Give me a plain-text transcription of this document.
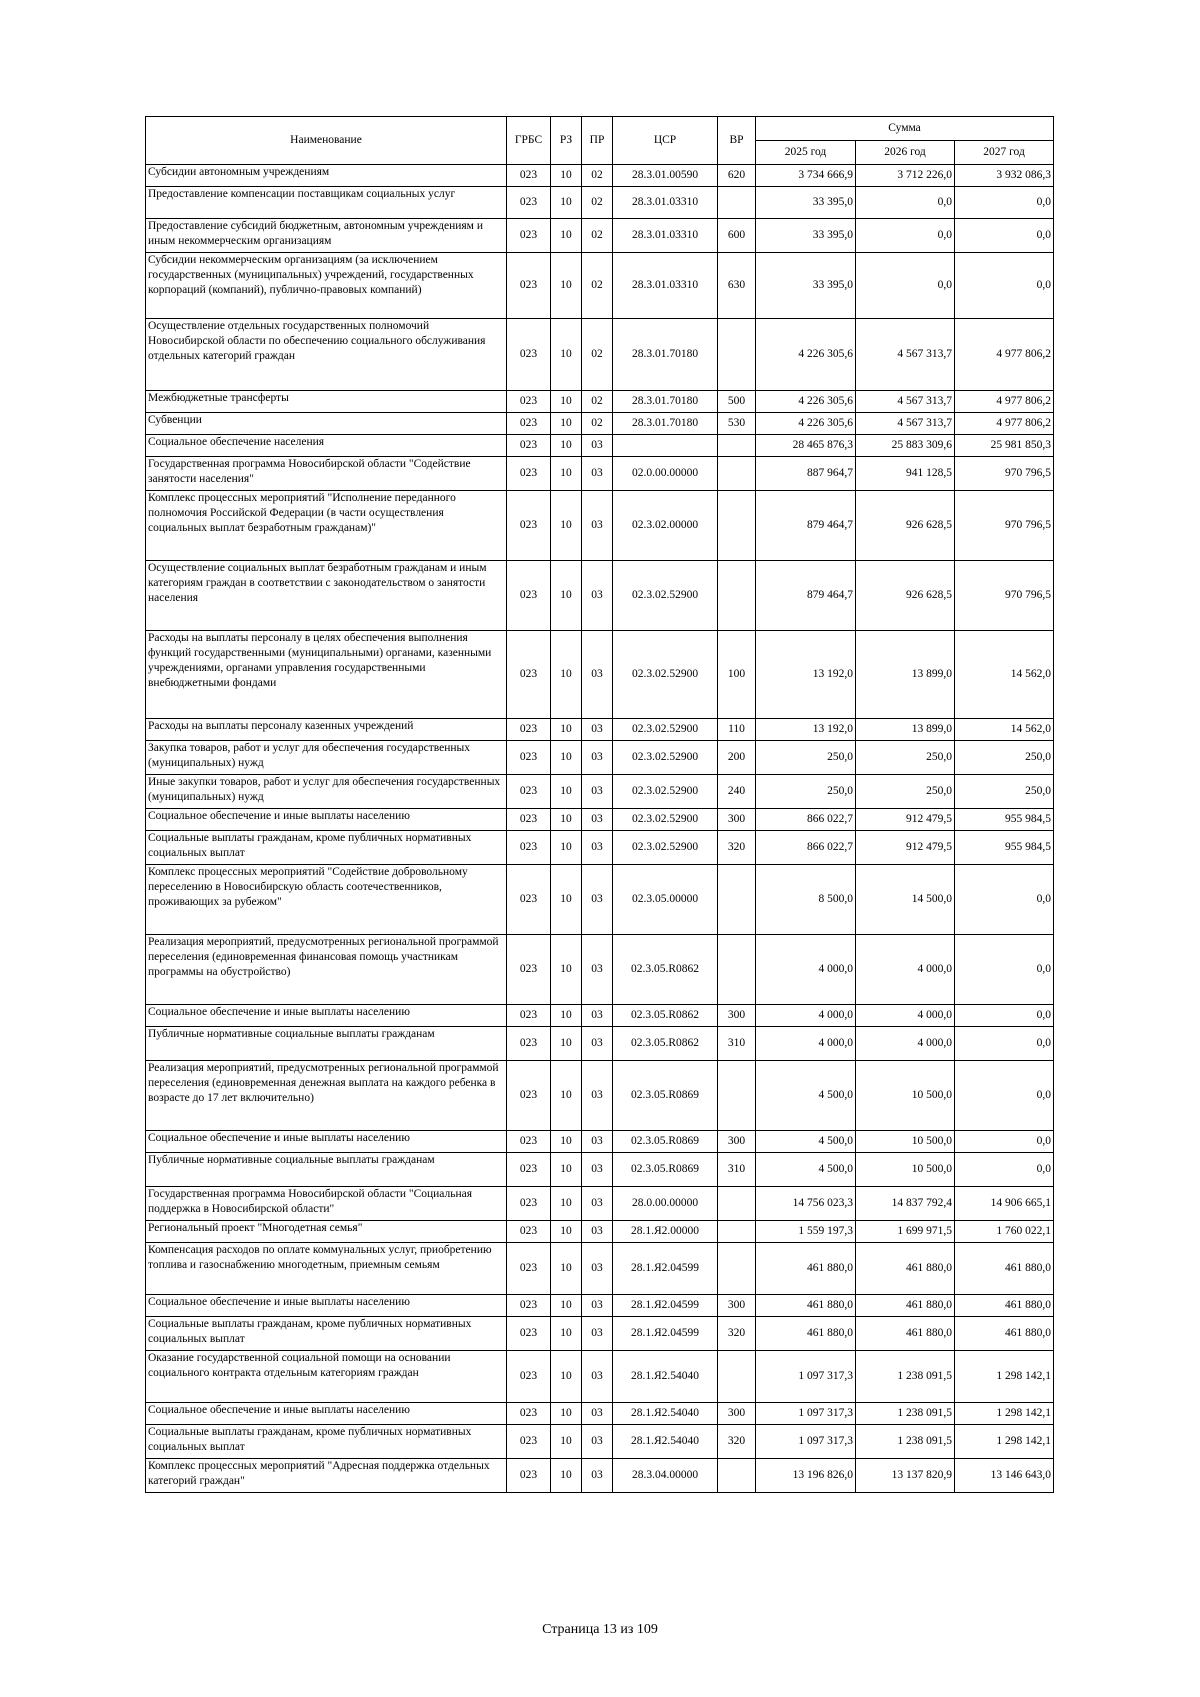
Наименование	ГРБС	РЗ	ПР	ЦСР	ВР	Сумма		
						2025 год	2026 год	2027 год
Субсидии автономным учреждениям	023	10	02	28.3.01.00590	620	3 734 666,9	3 712 226,0	3 932 086,3
Предоставление компенсации поставщикам социальных услуг	023	10	02	28.3.01.03310		33 395,0	0,0	0,0
Предоставление субсидий бюджетным, автономным учреждениям и иным некоммерческим организациям	023	10	02	28.3.01.03310	600	33 395,0	0,0	0,0
Субсидии некоммерческим организациям (за исключением государственных (муниципальных) учреждений, государственных корпораций (компаний), публично-правовых компаний)	023	10	02	28.3.01.03310	630	33 395,0	0,0	0,0
Осуществление отдельных государственных полномочий Новосибирской области по обеспечению социального обслуживания отдельных категорий граждан	023	10	02	28.3.01.70180		4 226 305,6	4 567 313,7	4 977 806,2
Межбюджетные трансферты	023	10	02	28.3.01.70180	500	4 226 305,6	4 567 313,7	4 977 806,2
Субвенции	023	10	02	28.3.01.70180	530	4 226 305,6	4 567 313,7	4 977 806,2
Социальное обеспечение населения	023	10	03			28 465 876,3	25 883 309,6	25 981 850,3
Государственная программа Новосибирской области "Содействие занятости населения"	023	10	03	02.0.00.00000		887 964,7	941 128,5	970 796,5
Комплекс процессных мероприятий "Исполнение переданного полномочия Российской Федерации (в части осуществления социальных выплат безработным гражданам)"	023	10	03	02.3.02.00000		879 464,7	926 628,5	970 796,5
Осуществление социальных выплат безработным гражданам и иным категориям граждан в соответствии с законодательством о занятости населения	023	10	03	02.3.02.52900		879 464,7	926 628,5	970 796,5
Расходы на выплаты персоналу в целях обеспечения выполнения функций государственными (муниципальными) органами, казенными учреждениями, органами управления государственными внебюджетными фондами	023	10	03	02.3.02.52900	100	13 192,0	13 899,0	14 562,0
Расходы на выплаты персоналу казенных учреждений	023	10	03	02.3.02.52900	110	13 192,0	13 899,0	14 562,0
Закупка товаров, работ и услуг для обеспечения государственных (муниципальных) нужд	023	10	03	02.3.02.52900	200	250,0	250,0	250,0
Иные закупки товаров, работ и услуг для обеспечения государственных (муниципальных) нужд	023	10	03	02.3.02.52900	240	250,0	250,0	250,0
Социальное обеспечение и иные выплаты населению	023	10	03	02.3.02.52900	300	866 022,7	912 479,5	955 984,5
Социальные выплаты гражданам, кроме публичных нормативных социальных выплат	023	10	03	02.3.02.52900	320	866 022,7	912 479,5	955 984,5
Комплекс процессных мероприятий "Содействие добровольному переселению в Новосибирскую область соотечественников, проживающих за рубежом"	023	10	03	02.3.05.00000		8 500,0	14 500,0	0,0
Реализация мероприятий, предусмотренных региональной программой переселения (единовременная финансовая помощь участникам программы на обустройство)	023	10	03	02.3.05.R0862		4 000,0	4 000,0	0,0
Социальное обеспечение и иные выплаты населению	023	10	03	02.3.05.R0862	300	4 000,0	4 000,0	0,0
Публичные нормативные социальные выплаты гражданам	023	10	03	02.3.05.R0862	310	4 000,0	4 000,0	0,0
Реализация мероприятий, предусмотренных региональной программой переселения (единовременная денежная выплата на каждого ребенка в возрасте до 17 лет включительно)	023	10	03	02.3.05.R0869		4 500,0	10 500,0	0,0
Социальное обеспечение и иные выплаты населению	023	10	03	02.3.05.R0869	300	4 500,0	10 500,0	0,0
Публичные нормативные социальные выплаты гражданам	023	10	03	02.3.05.R0869	310	4 500,0	10 500,0	0,0
Государственная программа Новосибирской области "Социальная поддержка в Новосибирской области"	023	10	03	28.0.00.00000		14 756 023,3	14 837 792,4	14 906 665,1
Региональный проект "Многодетная семья"	023	10	03	28.1.Я2.00000		1 559 197,3	1 699 971,5	1 760 022,1
Компенсация расходов по оплате коммунальных услуг, приобретению топлива и газоснабжению многодетным, приемным семьям	023	10	03	28.1.Я2.04599		461 880,0	461 880,0	461 880,0
Социальное обеспечение и иные выплаты населению	023	10	03	28.1.Я2.04599	300	461 880,0	461 880,0	461 880,0
Социальные выплаты гражданам, кроме публичных нормативных социальных выплат	023	10	03	28.1.Я2.04599	320	461 880,0	461 880,0	461 880,0
Оказание государственной социальной помощи на основании социального контракта отдельным категориям граждан	023	10	03	28.1.Я2.54040		1 097 317,3	1 238 091,5	1 298 142,1
Социальное обеспечение и иные выплаты населению	023	10	03	28.1.Я2.54040	300	1 097 317,3	1 238 091,5	1 298 142,1
Социальные выплаты гражданам, кроме публичных нормативных социальных выплат	023	10	03	28.1.Я2.54040	320	1 097 317,3	1 238 091,5	1 298 142,1
Комплекс процессных мероприятий "Адресная поддержка отдельных категорий граждан"	023	10	03	28.3.04.00000		13 196 826,0	13 137 820,9	13 146 643,0
Страница 13 из 109
